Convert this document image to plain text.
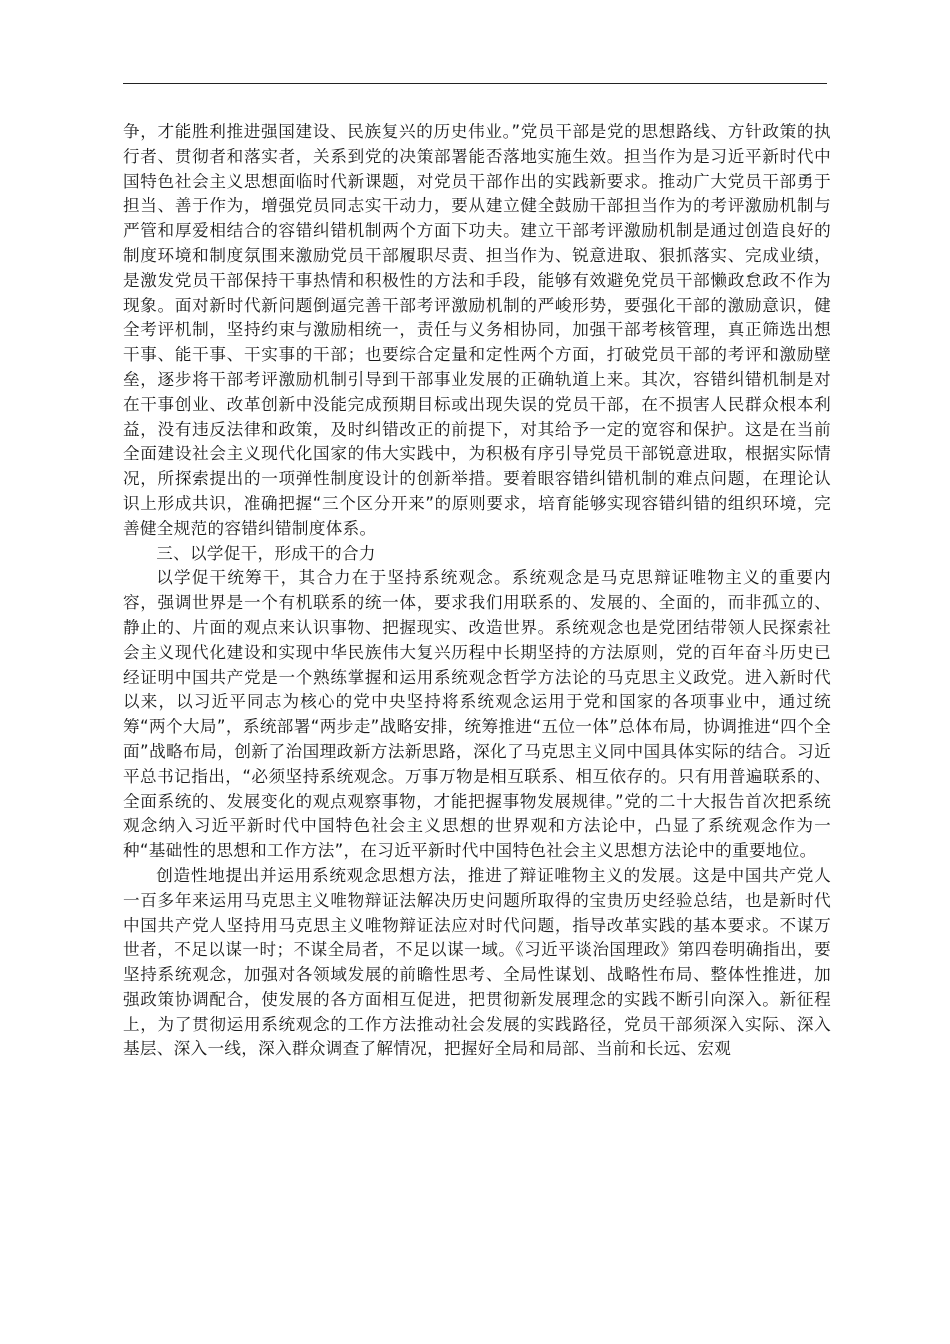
争，才能胜利推进强国建设、民族复兴的历史伟业。”党员干部是党的思想路线、方针政策的执行者、贯彻者和落实者，关系到党的决策部署能否落地实施生效。担当作为是习近平新时代中国特色社会主义思想面临时代新课题，对党员干部作出的实践新要求。推动广大党员干部勇于担当、善于作为，增强党员同志实干动力，要从建立健全鼓励干部担当作为的考评激励机制与严管和厚爱相结合的容错纠错机制两个方面下功夫。建立干部考评激励机制是通过创造良好的制度环境和制度氛围来激励党员干部履职尽责、担当作为、锐意进取、狠抓落实、完成业绩，是激发党员干部保持干事热情和积极性的方法和手段，能够有效避免党员干部懒政怠政不作为现象。面对新时代新问题倒逼完善干部考评激励机制的严峻形势，要强化干部的激励意识，健全考评机制，坚持约束与激励相统一，责任与义务相协同，加强干部考核管理，真正筛选出想干事、能干事、干实事的干部；也要综合定量和定性两个方面，打破党员干部的考评和激励壁垒，逐步将干部考评激励机制引导到干部事业发展的正确轨道上来。其次，容错纠错机制是对在干事创业、改革创新中没能完成预期目标或出现失误的党员干部，在不损害人民群众根本利益，没有违反法律和政策，及时纠错改正的前提下，对其给予一定的宽容和保护。这是在当前全面建设社会主义现代化国家的伟大实践中，为积极有序引导党员干部锐意进取，根据实际情况，所探索提出的一项弹性制度设计的创新举措。要着眼容错纠错机制的难点问题，在理论认识上形成共识，准确把握“三个区分开来”的原则要求，培育能够实现容错纠错的组织环境，完善健全规范的容错纠错制度体系。

三、以学促干，形成干的合力

以学促干统筹干，其合力在于坚持系统观念。系统观念是马克思辩证唯物主义的重要内容，强调世界是一个有机联系的统一体，要求我们用联系的、发展的、全面的，而非孤立的、静止的、片面的观点来认识事物、把握现实、改造世界。系统观念也是党团结带领人民探索社会主义现代化建设和实现中华民族伟大复兴历程中长期坚持的方法原则，党的百年奋斗历史已经证明中国共产党是一个熟练掌握和运用系统观念哲学方法论的马克思主义政党。进入新时代以来，以习近平同志为核心的党中央坚持将系统观念运用于党和国家的各项事业中，通过统筹“两个大局”，系统部署“两步走”战略安排，统筹推进“五位一体”总体布局，协调推进“四个全面”战略布局，创新了治国理政新方法新思路，深化了马克思主义同中国具体实际的结合。习近平总书记指出，“必须坚持系统观念。万事万物是相互联系、相互依存的。只有用普遍联系的、全面系统的、发展变化的观点观察事物，才能把握事物发展规律。”党的二十大报告首次把系统观念纳入习近平新时代中国特色社会主义思想的世界观和方法论中，凸显了系统观念作为一种“基础性的思想和工作方法”，在习近平新时代中国特色社会主义思想方法论中的重要地位。

创造性地提出并运用系统观念思想方法，推进了辩证唯物主义的发展。这是中国共产党人一百多年来运用马克思主义唯物辩证法解决历史问题所取得的宝贵历史经验总结，也是新时代中国共产党人坚持用马克思主义唯物辩证法应对时代问题，指导改革实践的基本要求。不谋万世者，不足以谋一时；不谋全局者，不足以谋一域。《习近平谈治国理政》第四卷明确指出，要坚持系统观念，加强对各领域发展的前瞻性思考、全局性谋划、战略性布局、整体性推进，加强政策协调配合，使发展的各方面相互促进，把贯彻新发展理念的实践不断引向深入。新征程上，为了贯彻运用系统观念的工作方法推动社会发展的实践路径，党员干部须深入实际、深入基层、深入一线，深入群众调查了解情况，把握好全局和局部、当前和长远、宏观
